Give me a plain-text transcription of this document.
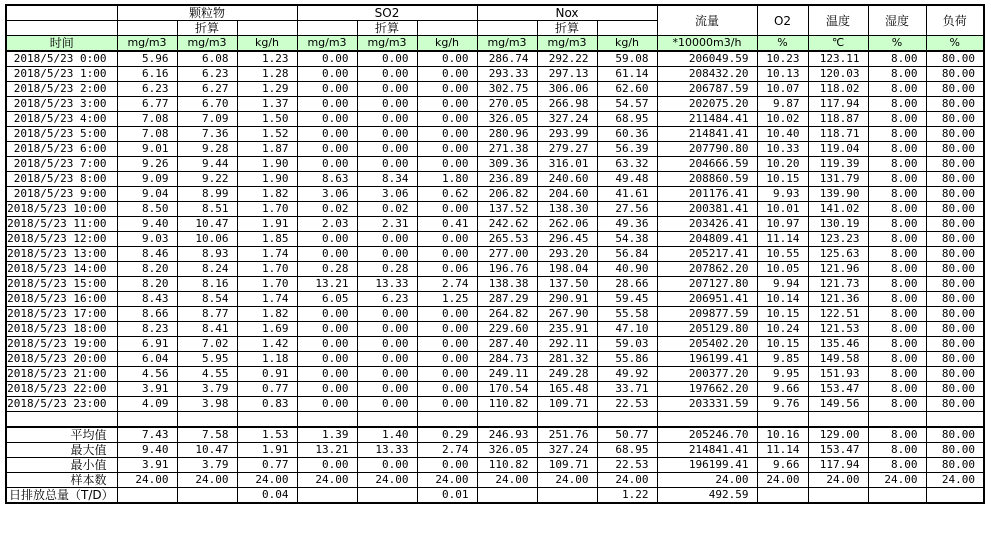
	颗粒物			SO2			Nox			流量	O2	温度	湿度	负荷
		折算			折算			折算						
时间	mg/m3	mg/m3	kg/h	mg/m3	mg/m3	kg/h	mg/m3	mg/m3	kg/h	*10000m3/h	%	℃	%	%
2018/5/23 0:00	5.96	6.08	1.23	0.00	0.00	0.00	286.74	292.22	59.08	206049.59	10.23	123.11	8.00	80.00
2018/5/23 1:00	6.16	6.23	1.28	0.00	0.00	0.00	293.33	297.13	61.14	208432.20	10.13	120.03	8.00	80.00
2018/5/23 2:00	6.23	6.27	1.29	0.00	0.00	0.00	302.75	306.06	62.60	206787.59	10.07	118.02	8.00	80.00
2018/5/23 3:00	6.77	6.70	1.37	0.00	0.00	0.00	270.05	266.98	54.57	202075.20	9.87	117.94	8.00	80.00
2018/5/23 4:00	7.08	7.09	1.50	0.00	0.00	0.00	326.05	327.24	68.95	211484.41	10.02	118.87	8.00	80.00
2018/5/23 5:00	7.08	7.36	1.52	0.00	0.00	0.00	280.96	293.99	60.36	214841.41	10.40	118.71	8.00	80.00
2018/5/23 6:00	9.01	9.28	1.87	0.00	0.00	0.00	271.38	279.27	56.39	207790.80	10.33	119.04	8.00	80.00
2018/5/23 7:00	9.26	9.44	1.90	0.00	0.00	0.00	309.36	316.01	63.32	204666.59	10.20	119.39	8.00	80.00
2018/5/23 8:00	9.09	9.22	1.90	8.63	8.34	1.80	236.89	240.60	49.48	208860.59	10.15	131.79	8.00	80.00
2018/5/23 9:00	9.04	8.99	1.82	3.06	3.06	0.62	206.82	204.60	41.61	201176.41	9.93	139.90	8.00	80.00
2018/5/23 10:00	8.50	8.51	1.70	0.02	0.02	0.00	137.52	138.30	27.56	200381.41	10.01	141.02	8.00	80.00
2018/5/23 11:00	9.40	10.47	1.91	2.03	2.31	0.41	242.62	262.06	49.36	203426.41	10.97	130.19	8.00	80.00
2018/5/23 12:00	9.03	10.06	1.85	0.00	0.00	0.00	265.53	296.45	54.38	204809.41	11.14	123.23	8.00	80.00
2018/5/23 13:00	8.46	8.93	1.74	0.00	0.00	0.00	277.00	293.20	56.84	205217.41	10.55	125.63	8.00	80.00
2018/5/23 14:00	8.20	8.24	1.70	0.28	0.28	0.06	196.76	198.04	40.90	207862.20	10.05	121.96	8.00	80.00
2018/5/23 15:00	8.20	8.16	1.70	13.21	13.33	2.74	138.38	137.50	28.66	207127.80	9.94	121.73	8.00	80.00
2018/5/23 16:00	8.43	8.54	1.74	6.05	6.23	1.25	287.29	290.91	59.45	206951.41	10.14	121.36	8.00	80.00
2018/5/23 17:00	8.66	8.77	1.82	0.00	0.00	0.00	264.82	267.90	55.58	209877.59	10.15	122.51	8.00	80.00
2018/5/23 18:00	8.23	8.41	1.69	0.00	0.00	0.00	229.60	235.91	47.10	205129.80	10.24	121.53	8.00	80.00
2018/5/23 19:00	6.91	7.02	1.42	0.00	0.00	0.00	287.40	292.11	59.03	205402.20	10.15	135.46	8.00	80.00
2018/5/23 20:00	6.04	5.95	1.18	0.00	0.00	0.00	284.73	281.32	55.86	196199.41	9.85	149.58	8.00	80.00
2018/5/23 21:00	4.56	4.55	0.91	0.00	0.00	0.00	249.11	249.28	49.92	200377.20	9.95	151.93	8.00	80.00
2018/5/23 22:00	3.91	3.79	0.77	0.00	0.00	0.00	170.54	165.48	33.71	197662.20	9.66	153.47	8.00	80.00
2018/5/23 23:00	4.09	3.98	0.83	0.00	0.00	0.00	110.82	109.71	22.53	203331.59	9.76	149.56	8.00	80.00

平均值	7.43	7.58	1.53	1.39	1.40	0.29	246.93	251.76	50.77	205246.70	10.16	129.00	8.00	80.00
最大值	9.40	10.47	1.91	13.21	13.33	2.74	326.05	327.24	68.95	214841.41	11.14	153.47	8.00	80.00
最小值	3.91	3.79	0.77	0.00	0.00	0.00	110.82	109.71	22.53	196199.41	9.66	117.94	8.00	80.00
样本数	24.00	24.00	24.00	24.00	24.00	24.00	24.00	24.00	24.00	24.00	24.00	24.00	24.00	24.00
日排放总量（T/D）			0.04			0.01			1.22	492.59				
